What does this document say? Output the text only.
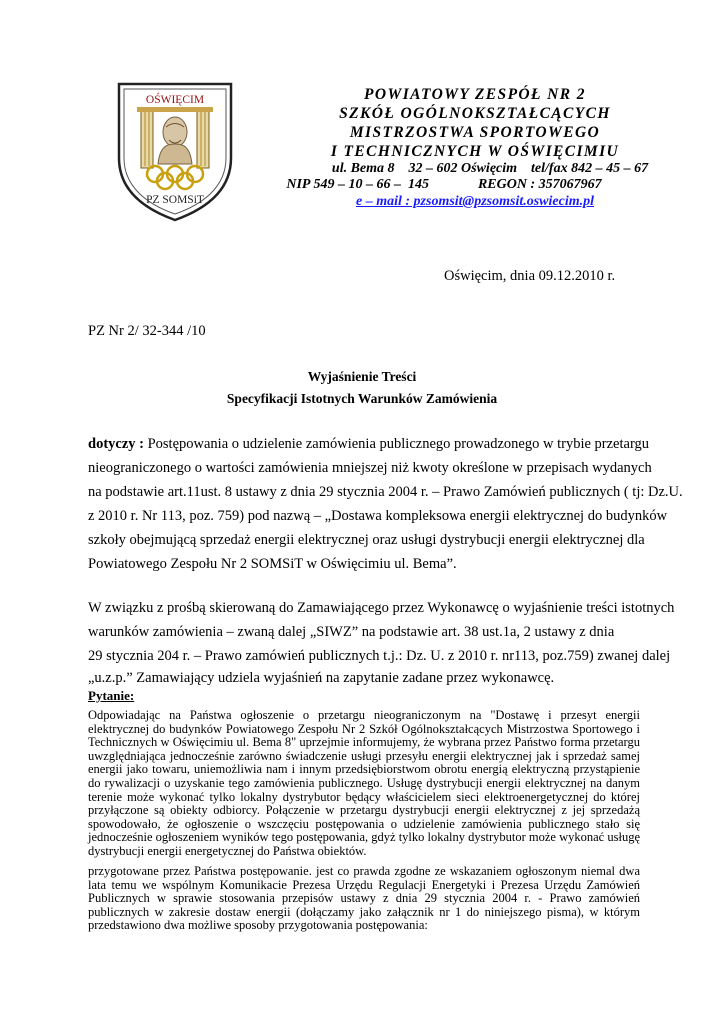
OŚWIĘCIM
PZ SOMSiT
POWIATOWY ZESPÓŁ NR 2
SZKÓŁ OGÓLNOKSZTAŁCĄCYCH
MISTRZOSTWA SPORTOWEGO
I TECHNICZNYCH W OŚWIĘCIMIU
ul. Bema 8    32 – 602 Oświęcim    tel/fax 842 – 45 – 67
NIP 549 – 10 – 66 –  145              REGON : 357067967
e – mail : pzsomsit@pzsomsit.oswiecim.pl
Oświęcim, dnia 09.12.2010 r.
PZ Nr 2/ 32-344 /10
Wyjaśnienie Treści
Specyfikacji Istotnych Warunków Zamówienia
dotyczy : Postępowania o udzielenie zamówienia publicznego prowadzonego w trybie przetargu
nieograniczonego o wartości zamówienia mniejszej niż kwoty określone w przepisach wydanych
na podstawie art.11ust. 8 ustawy z dnia 29 stycznia 2004 r. – Prawo Zamówień publicznych ( tj: Dz.U.
z 2010 r. Nr 113, poz. 759) pod nazwą – „Dostawa kompleksowa energii elektrycznej do budynków
szkoły obejmującą sprzedaż energii elektrycznej oraz usługi dystrybucji energii elektrycznej dla
Powiatowego Zespołu Nr 2 SOMSiT w Oświęcimiu ul. Bema”.
W związku z prośbą skierowaną do Zamawiającego przez Wykonawcę o wyjaśnienie treści istotnych
warunków zamówienia – zwaną dalej „SIWZ” na podstawie art. 38 ust.1a, 2 ustawy z dnia
29 stycznia 204 r. – Prawo zamówień publicznych t.j.: Dz. U. z 2010 r. nr113, poz.759) zwanej dalej
„u.z.p.” Zamawiający udziela wyjaśnień na zapytanie zadane przez wykonawcę.
Pytanie:
Odpowiadając na Państwa ogłoszenie o przetargu nieograniczonym na "Dostawę i przesyt energii elektrycznej do budynków Powiatowego Zespołu Nr 2 Szkół Ogólnokształcących Mistrzostwa Sportowego i Technicznych w Oświęcimiu ul. Bema 8" uprzejmie informujemy, że wybrana przez Państwo forma przetargu uwzględniająca jednocześnie zarówno świadczenie usługi przesyłu energii elektrycznej jak i sprzedaż samej energii jako towaru, uniemożliwia nam i innym przedsiębiorstwom obrotu energią elektryczną przystąpienie do rywalizacji o uzyskanie tego zamówienia publicznego. Usługę dystrybucji energii elektrycznej na danym terenie może wykonać tylko lokalny dystrybutor będący właścicielem sieci elektroenergetycznej do której przyłączone są obiekty odbiorcy. Połączenie w przetargu dystrybucji energii elektrycznej z jej sprzedażą spowodowało, że ogłoszenie o wszczęciu postępowania o udzielenie zamówienia publicznego stało się jednocześnie ogłoszeniem wyników tego postępowania, gdyż tylko lokalny dystrybutor może wykonać usługę dystrybucji energii energetycznej do Państwa obiektów.
przygotowane przez Państwa postępowanie. jest co prawda zgodne ze wskazaniem ogłoszonym niemal dwa lata temu we wspólnym Komunikacie Prezesa Urzędu Regulacji Energetyki i Prezesa Urzędu Zamówień Publicznych w sprawie stosowania przepisów ustawy z dnia 29 stycznia 2004 r. - Prawo zamówień publicznych w zakresie dostaw energii (dołączamy jako załącznik nr 1 do niniejszego pisma), w którym przedstawiono dwa możliwe sposoby przygotowania postępowania:
